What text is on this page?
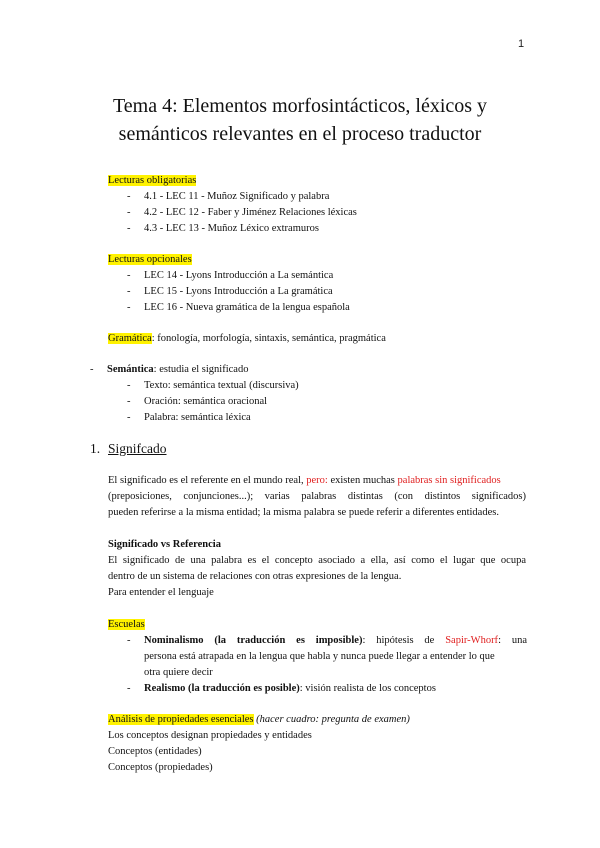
1
Tema 4: Elementos morfosintácticos, léxicos y
semánticos relevantes en el proceso traductor
Lecturas obligatorias
- 4.1 - LEC 11 - Muñoz Significado y palabra
- 4.2 - LEC 12 - Faber y Jiménez Relaciones léxicas
- 4.3 - LEC 13 - Muñoz Léxico extramuros
Lecturas opcionales
- LEC 14 - Lyons Introducción a La semántica
- LEC 15 - Lyons Introducción a La gramática
- LEC 16 - Nueva gramática de la lengua española
Gramática: fonología, morfología, sintaxis, semántica, pragmática
- Semántica: estudia el significado
- Texto: semántica textual (discursiva)
- Oración: semántica oracional
- Palabra: semántica léxica
1. Signifcado
El significado es el referente en el mundo real, pero: existen muchas palabras sin significados
(preposiciones, conjunciones...); varias palabras distintas (con distintos significados)
pueden referirse a la misma entidad; la misma palabra se puede referir a diferentes entidades.
Significado vs Referencia
El significado de una palabra es el concepto asociado a ella, así como el lugar que ocupa
dentro de un sistema de relaciones con otras expresiones de la lengua.
Para entender el lenguaje
Escuelas
- Nominalismo (la traducción es imposible): hipótesis de Sapir-Whorf: una
persona está atrapada en la lengua que habla y nunca puede llegar a entender lo que
otra quiere decir
- Realismo (la traducción es posible): visión realista de los conceptos
Análisis de propiedades esenciales (hacer cuadro: pregunta de examen)
Los conceptos designan propiedades y entidades
Conceptos (entidades)
Conceptos (propiedades)
